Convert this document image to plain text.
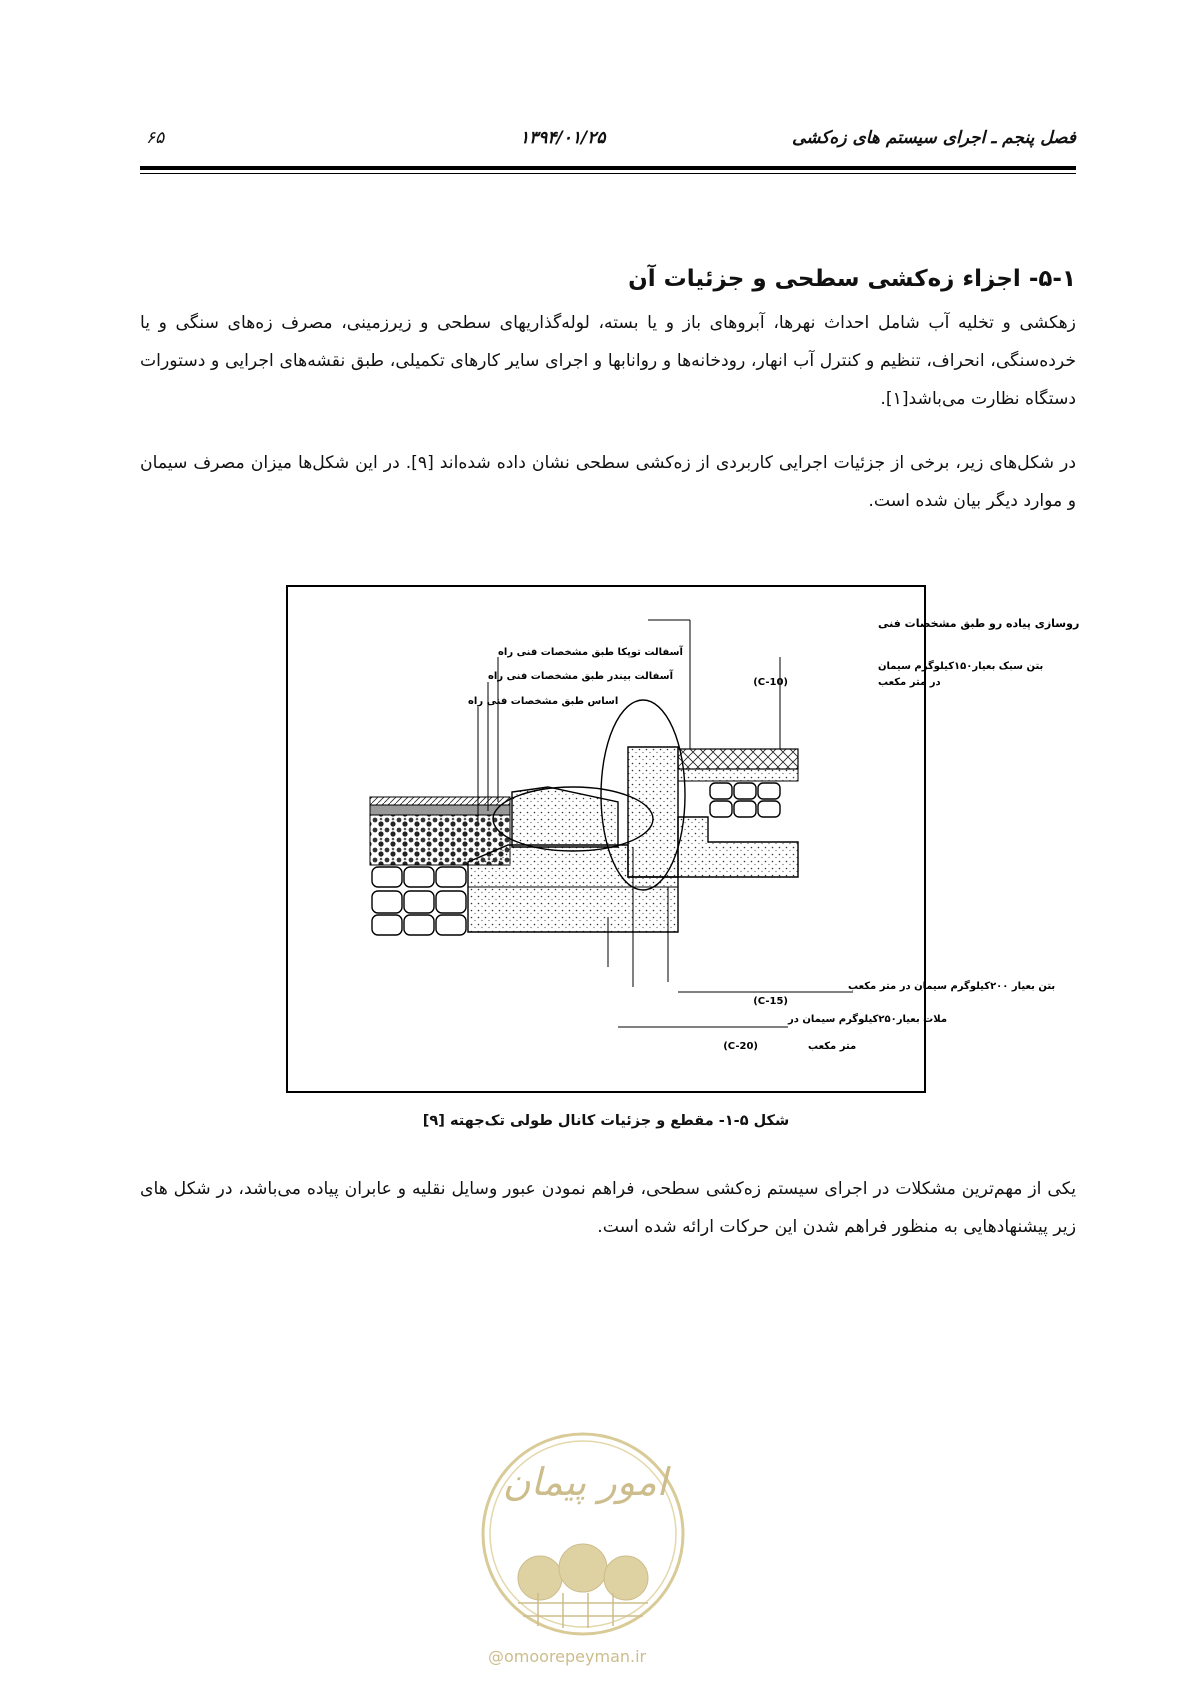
فصل پنجم ـ اجرای سیستم های زه‌کشی
۱۳۹۴/۰۱/۲۵
۶۵
۵-۱- اجزاء زه‌کشی سطحی و جزئیات آن
زهکشی و تخلیه آب شامل احداث نهرها، آبروهای باز و یا بسته، لوله‌گذاریهای سطحی و زیرزمینی، مصرف زه‌های سنگی و یا خرده‌سنگی، انحراف، تنظیم و کنترل آب انهار، رودخانه‌ها و روانابها و اجرای سایر کارهای تکمیلی، طبق نقشه‌های اجرایی و دستورات دستگاه نظارت می‌باشد[۱].
در شکل‌های زیر، برخی از جزئیات اجرایی کاربردی از زه‌کشی سطحی نشان داده شده‌اند [۹]. در این شکل‌ها میزان مصرف سیمان و موارد دیگر بیان شده است.
روسازی پیاده رو طبق مشخصات فنی
بتن سبک بعیار۱۵۰کیلوگرم سیمان
در متر مکعب
(C-10)
آسفالت توپکا طبق مشخصات فنی راه
آسفالت بیندر طبق مشخصات فنی راه
اساس طبق مشخصات فنی راه
بتن بعیار ۲۰۰کیلوگرم سیمان در متر مکعب
(C-15)
ملات بعیار۲۵۰کیلوگرم سیمان در
متر مکعب
(C-20)
شکل ۵-۱- مقطع و جزئیات کانال طولی تک‌جهته [۹]
یکی از مهم‌ترین مشکلات در اجرای سیستم زه‌کشی سطحی، فراهم نمودن عبور وسایل نقلیه و عابران پیاده می‌باشد، در شکل های زیر پیشنهادهایی به منظور فراهم شدن این حرکات ارائه شده است.
امور پیمان
@omoorepeyman.ir
